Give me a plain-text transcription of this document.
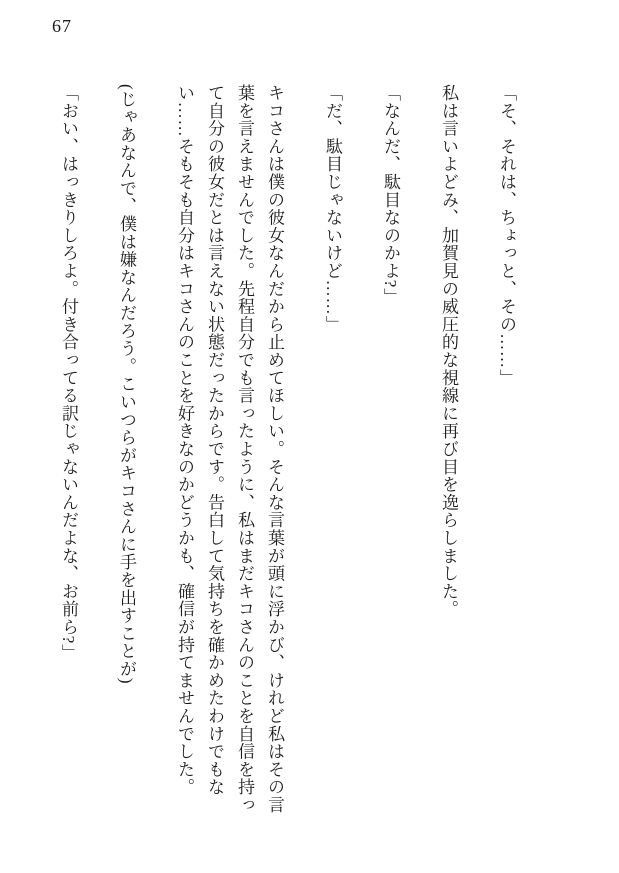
67

「そ、それは、ちょっと、その……」

私は言いよどみ、加賀見の威圧的な視線に再び目を逸らしました。

「なんだ、駄目なのかよ?」

「だ、駄目じゃないけど……」

キコさんは僕の彼女なんだから止めてほしい。そんな言葉が頭に浮かび、けれど私はその言葉を言えませんでした。先程自分でも言ったように、私はまだキコさんのことを自信を持って自分の彼女だとは言えない状態だったからです。告白して気持ちを確かめたわけでもない……そもそも自分はキコさんのことを好きなのかどうかも、確信が持てませんでした。

(じゃあなんで、僕は嫌なんだろう。こいつらがキコさんに手を出すことが)

「おい、はっきりしろよ。付き合ってる訳じゃないんだよな、お前ら?」
